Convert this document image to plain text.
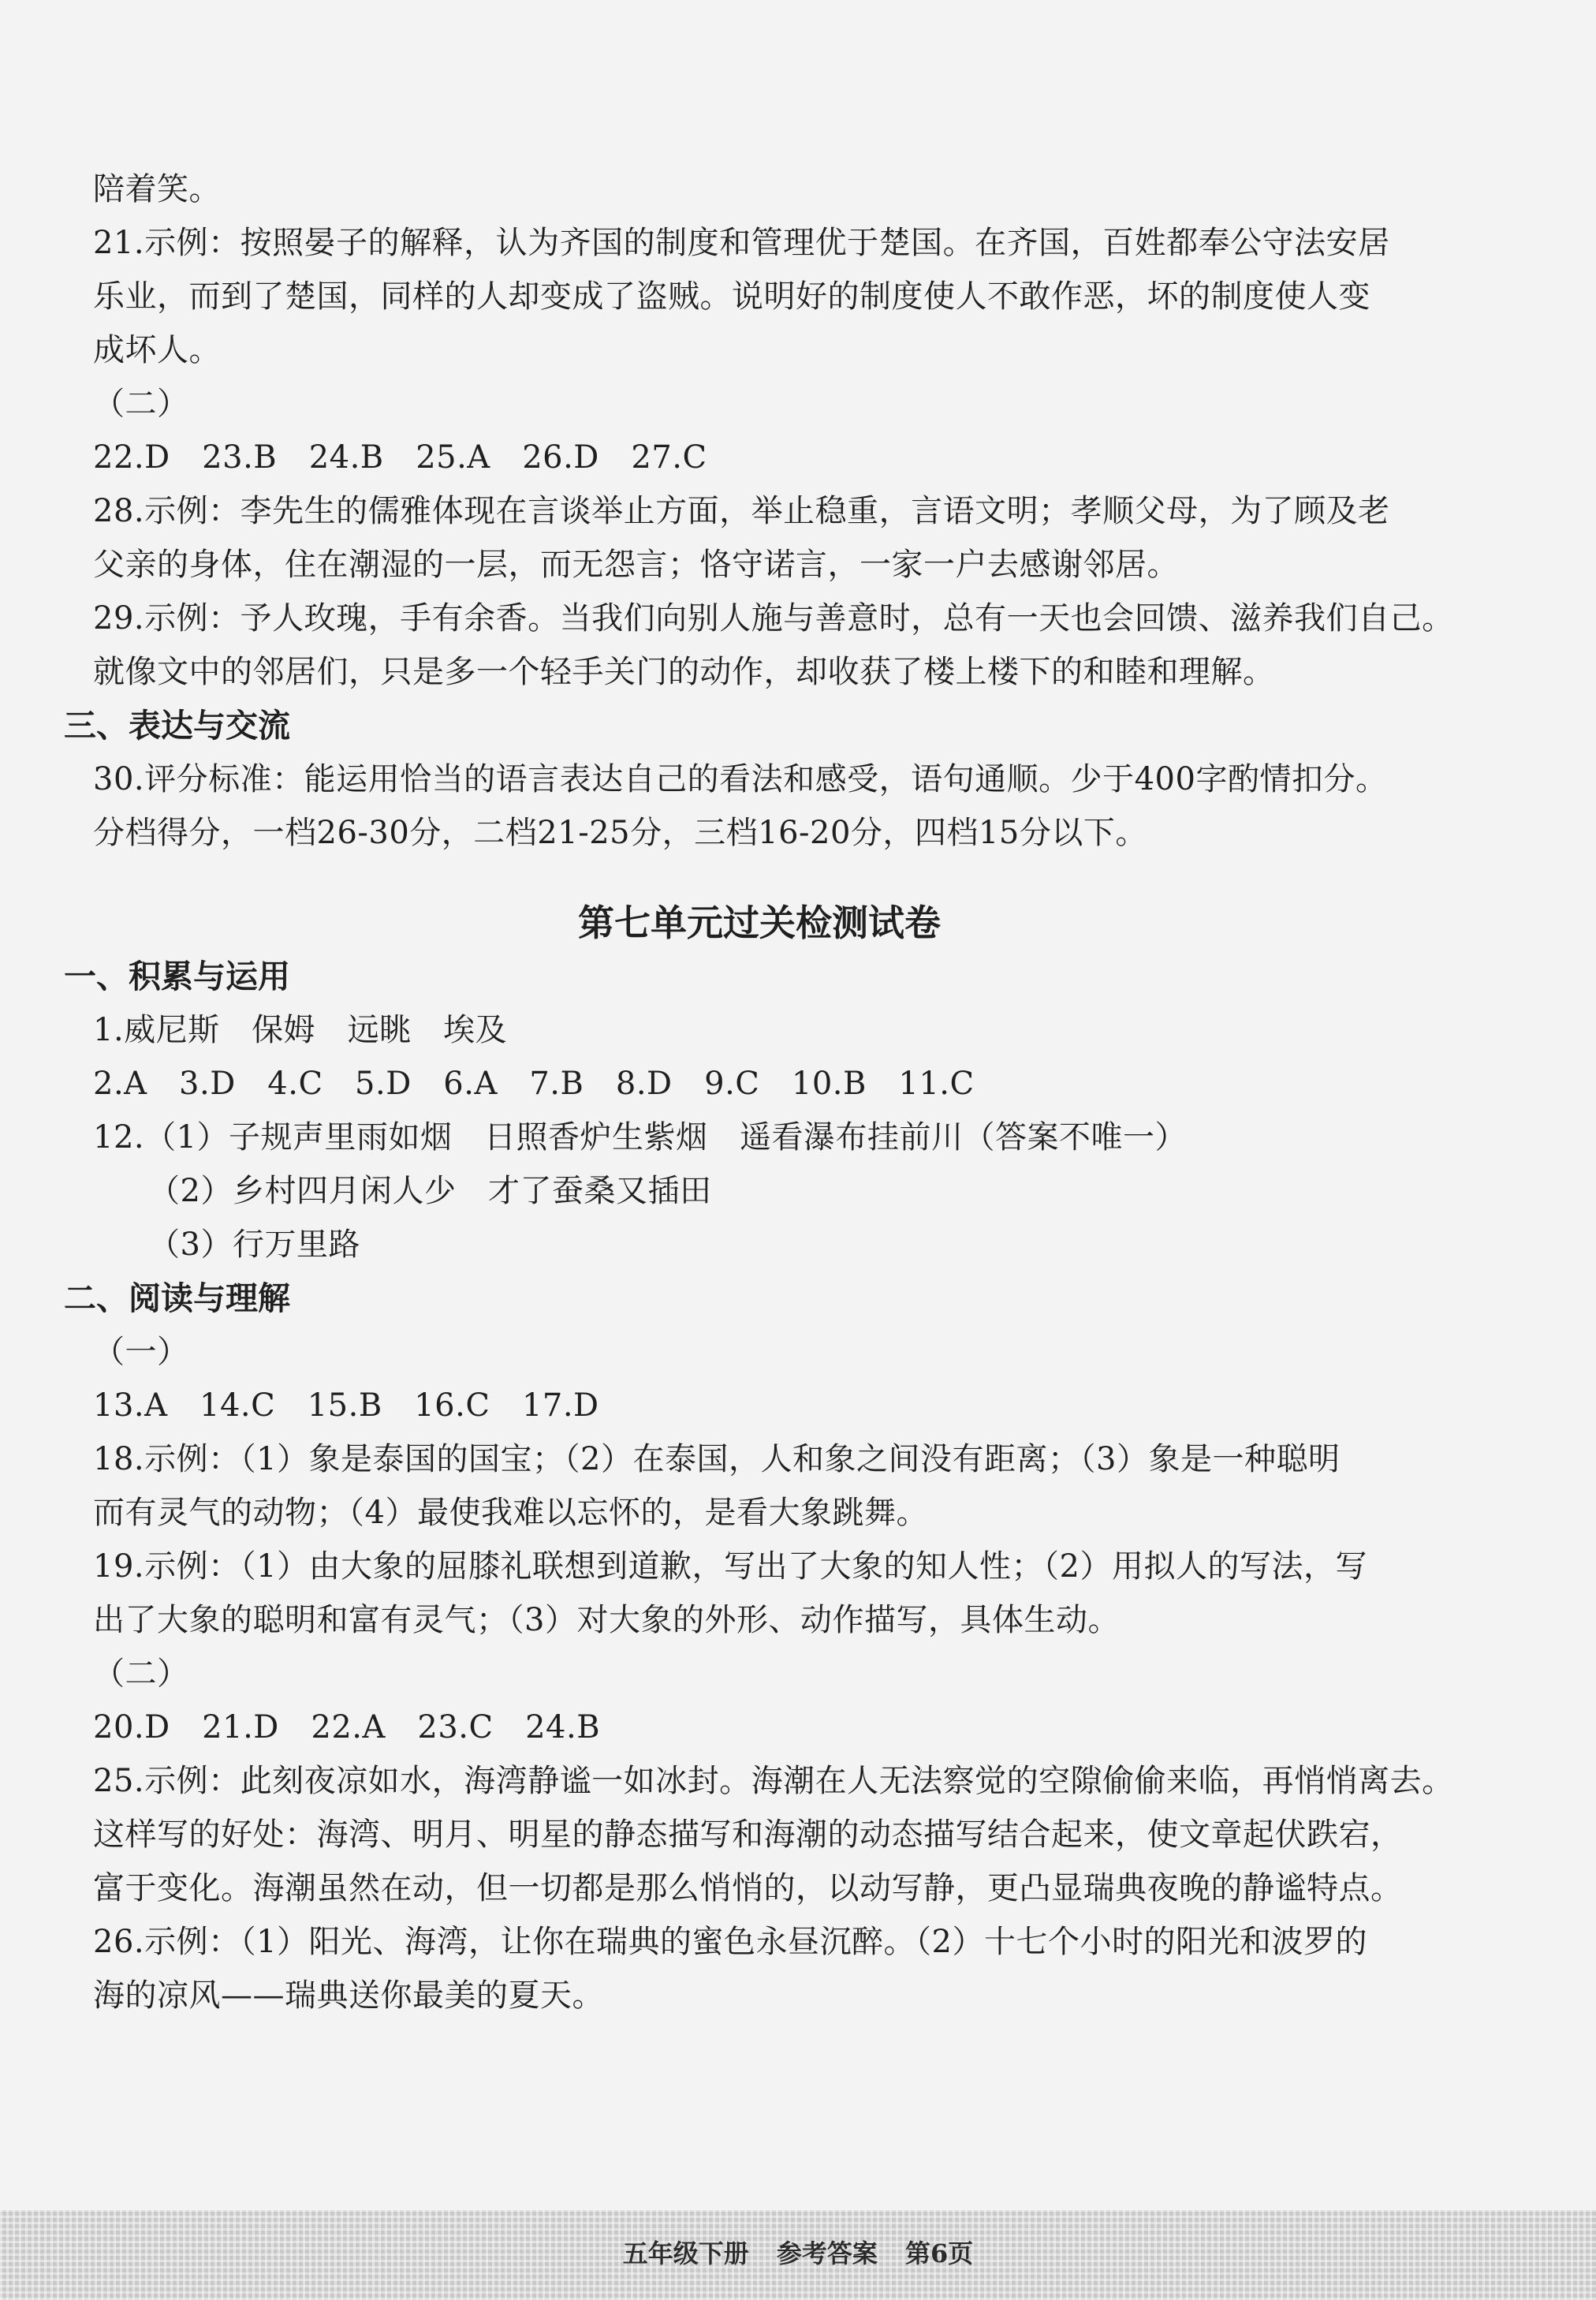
陪着笑。
21.示例：按照晏子的解释，认为齐国的制度和管理优于楚国。在齐国，百姓都奉公守法安居
乐业，而到了楚国，同样的人却变成了盗贼。说明好的制度使人不敢作恶，坏的制度使人变
成坏人。
（二）
22.D　23.B　24.B　25.A　26.D　27.C
28.示例：李先生的儒雅体现在言谈举止方面，举止稳重，言语文明；孝顺父母，为了顾及老
父亲的身体，住在潮湿的一层，而无怨言；恪守诺言，一家一户去感谢邻居。
29.示例：予人玫瑰，手有余香。当我们向别人施与善意时，总有一天也会回馈、滋养我们自己。
就像文中的邻居们，只是多一个轻手关门的动作，却收获了楼上楼下的和睦和理解。
三、表达与交流
30.评分标准：能运用恰当的语言表达自己的看法和感受，语句通顺。少于400字酌情扣分。
分档得分，一档26-30分，二档21-25分，三档16-20分，四档15分以下。
第七单元过关检测试卷
一、积累与运用
1.威尼斯　保姆　远眺　埃及
2.A　3.D　4.C　5.D　6.A　7.B　8.D　9.C　10.B　11.C
12.（1）子规声里雨如烟　日照香炉生紫烟　遥看瀑布挂前川（答案不唯一）
（2）乡村四月闲人少　才了蚕桑又插田
（3）行万里路
二、阅读与理解
（一）
13.A　14.C　15.B　16.C　17.D
18.示例：（1）象是泰国的国宝；（2）在泰国，人和象之间没有距离；（3）象是一种聪明
而有灵气的动物；（4）最使我难以忘怀的，是看大象跳舞。
19.示例：（1）由大象的屈膝礼联想到道歉，写出了大象的知人性；（2）用拟人的写法，写
出了大象的聪明和富有灵气；（3）对大象的外形、动作描写，具体生动。
（二）
20.D　21.D　22.A　23.C　24.B
25.示例：此刻夜凉如水，海湾静谧一如冰封。海潮在人无法察觉的空隙偷偷来临，再悄悄离去。
这样写的好处：海湾、明月、明星的静态描写和海潮的动态描写结合起来，使文章起伏跌宕，
富于变化。海潮虽然在动，但一切都是那么悄悄的，以动写静，更凸显瑞典夜晚的静谧特点。
26.示例：（1）阳光、海湾，让你在瑞典的蜜色永昼沉醉。（2）十七个小时的阳光和波罗的
海的凉风——瑞典送你最美的夏天。
五年级下册 参考答案 第6页
